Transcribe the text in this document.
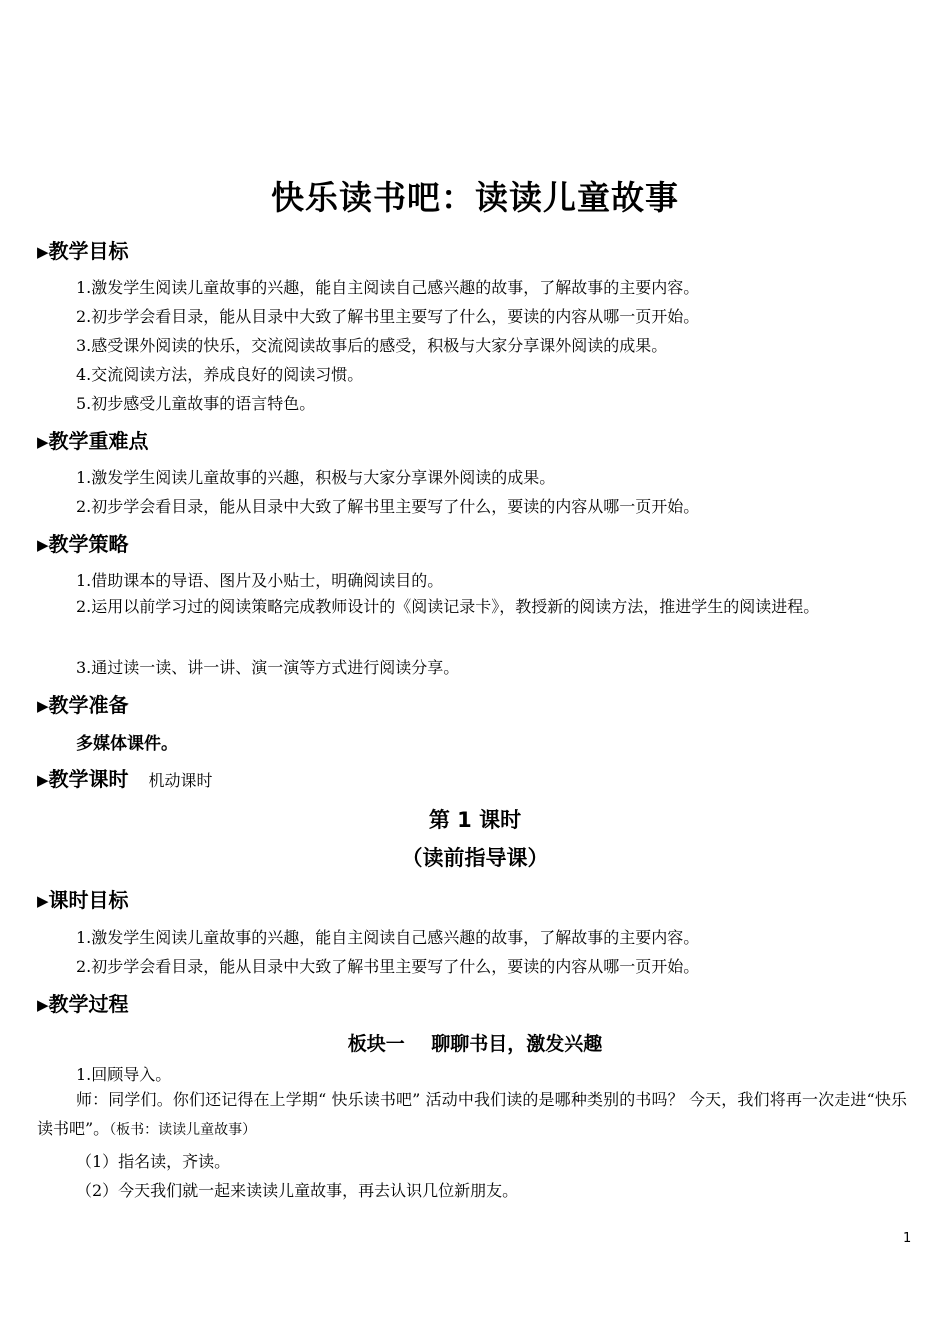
快乐读书吧：读读儿童故事
▶教学目标
1.激发学生阅读儿童故事的兴趣，能自主阅读自己感兴趣的故事，了解故事的主要内容。
2.初步学会看目录，能从目录中大致了解书里主要写了什么，要读的内容从哪一页开始。
3.感受课外阅读的快乐，交流阅读故事后的感受，积极与大家分享课外阅读的成果。
4.交流阅读方法，养成良好的阅读习惯。
5.初步感受儿童故事的语言特色。
▶教学重难点
1.激发学生阅读儿童故事的兴趣，积极与大家分享课外阅读的成果。
2.初步学会看目录，能从目录中大致了解书里主要写了什么，要读的内容从哪一页开始。
▶教学策略
1.借助课本的导语、图片及小贴士，明确阅读目的。
2.运用以前学习过的阅读策略完成教师设计的《阅读记录卡》，教授新的阅读方法，推进学生的阅读进程。
3.通过读一读、讲一讲、演一演等方式进行阅读分享。
▶教学准备
多媒体课件。
▶教学课时 机动课时
第 1 课时
（读前指导课）
▶课时目标
1.激发学生阅读儿童故事的兴趣，能自主阅读自己感兴趣的故事，了解故事的主要内容。
2.初步学会看目录，能从目录中大致了解书里主要写了什么，要读的内容从哪一页开始。
▶教学过程
板块一    聊聊书目，激发兴趣
1.回顾导入。
师：同学们。你们还记得在上学期“ 快乐读书吧” 活动中我们读的是哪种类别的书吗？ 今天，我们将再一次走进“快乐读书吧”。（板书：读读儿童故事）
（1）指名读，齐读。
（2）今天我们就一起来读读儿童故事，再去认识几位新朋友。
1
